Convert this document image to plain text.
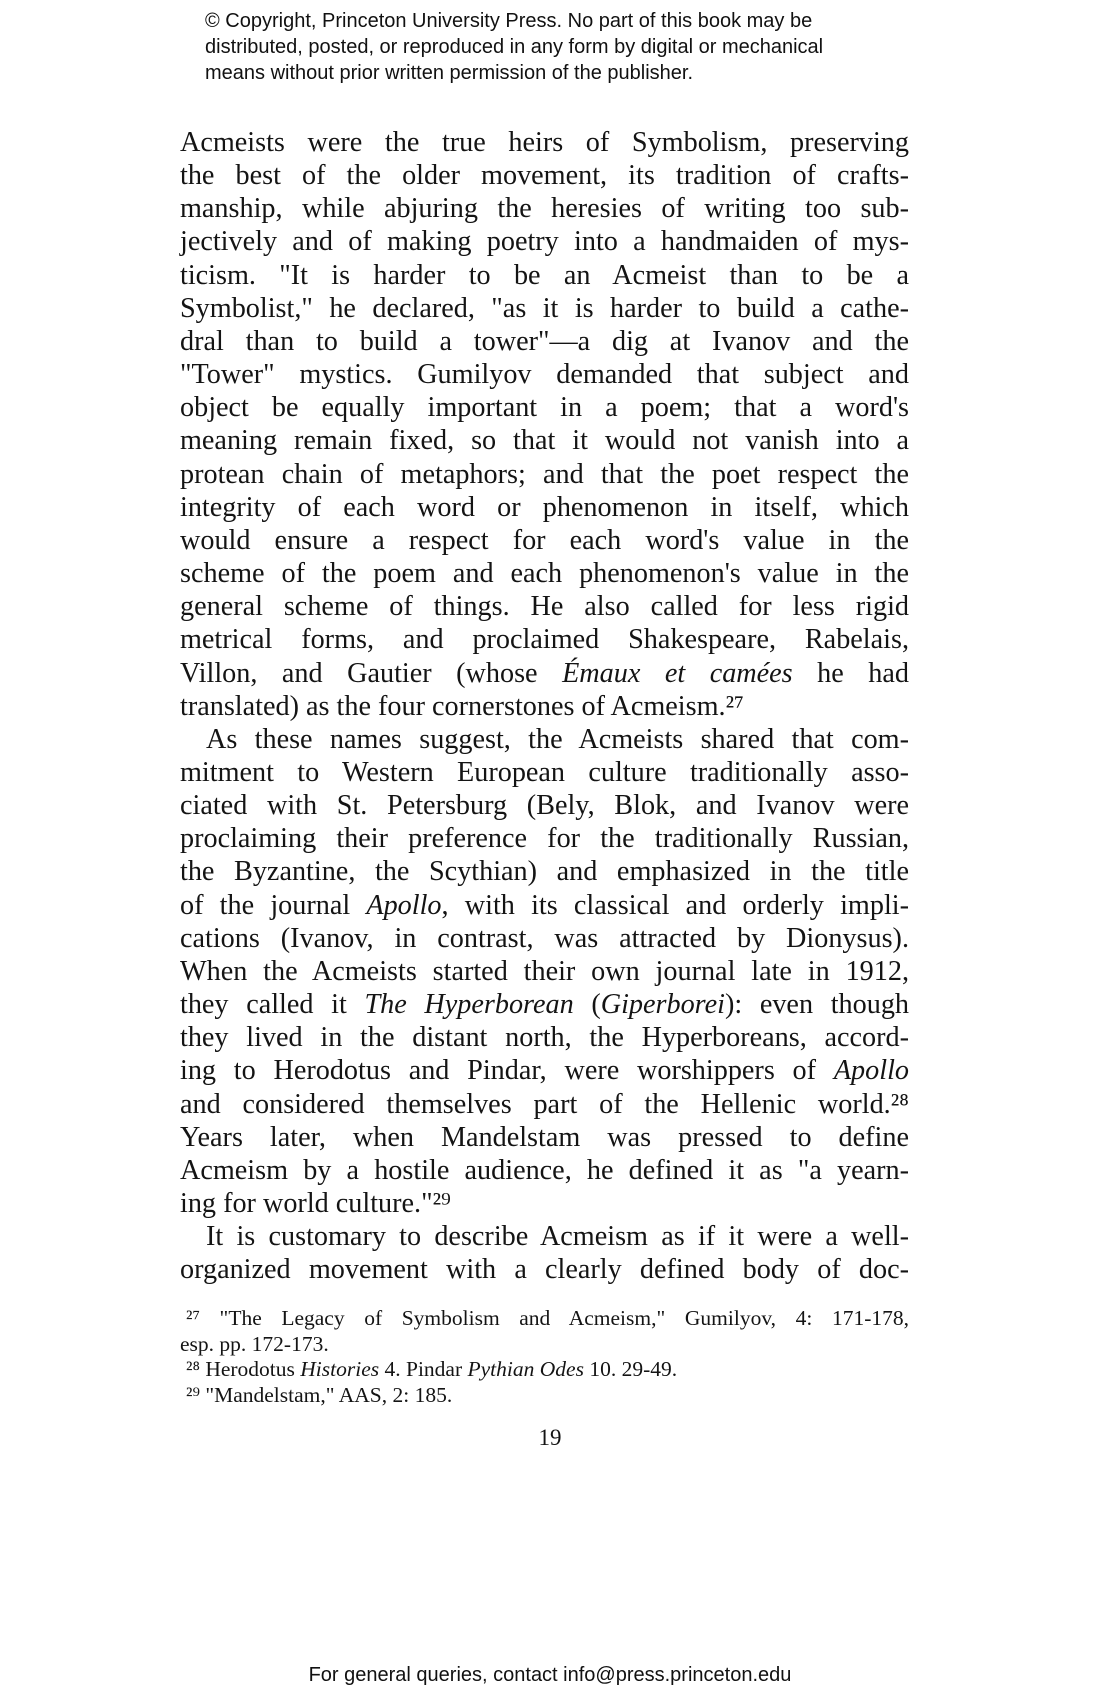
© Copyright, Princeton University Press. No part of this book may be
distributed, posted, or reproduced in any form by digital or mechanical
means without prior written permission of the publisher.

Acmeists were the true heirs of Symbolism, preserving

the best of the older movement, its tradition of crafts-

manship, while abjuring the heresies of writing too sub-

jectively and of making poetry into a handmaiden of mys-

ticism. "It is harder to be an Acmeist than to be a

Symbolist," he declared, "as it is harder to build a cathe-

dral than to build a tower"—a dig at Ivanov and the

"Tower" mystics. Gumilyov demanded that subject and

object be equally important in a poem; that a word's

meaning remain fixed, so that it would not vanish into a

protean chain of metaphors; and that the poet respect the

integrity of each word or phenomenon in itself, which

would ensure a respect for each word's value in the

scheme of the poem and each phenomenon's value in the

general scheme of things. He also called for less rigid

metrical forms, and proclaimed Shakespeare, Rabelais,

Villon, and Gautier (whose Émaux et camées he had

translated) as the four cornerstones of Acmeism.²⁷

As these names suggest, the Acmeists shared that com-

mitment to Western European culture traditionally asso-

ciated with St. Petersburg (Bely, Blok, and Ivanov were

proclaiming their preference for the traditionally Russian,

the Byzantine, the Scythian) and emphasized in the title

of the journal Apollo, with its classical and orderly impli-

cations (Ivanov, in contrast, was attracted by Dionysus).

When the Acmeists started their own journal late in 1912,

they called it The Hyperborean (Giperborei): even though

they lived in the distant north, the Hyperboreans, accord-

ing to Herodotus and Pindar, were worshippers of Apollo

and considered themselves part of the Hellenic world.²⁸

Years later, when Mandelstam was pressed to define

Acmeism by a hostile audience, he defined it as "a yearn-

ing for world culture."²⁹

It is customary to describe Acmeism as if it were a well-

organized movement with a clearly defined body of doc-

²⁷ "The Legacy of Symbolism and Acmeism," Gumilyov, 4: 171-178,

esp. pp. 172-173.

²⁸ Herodotus Histories 4. Pindar Pythian Odes 10. 29-49.

²⁹ "Mandelstam," AAS, 2: 185.

19
For general queries, contact info@press.princeton.edu
